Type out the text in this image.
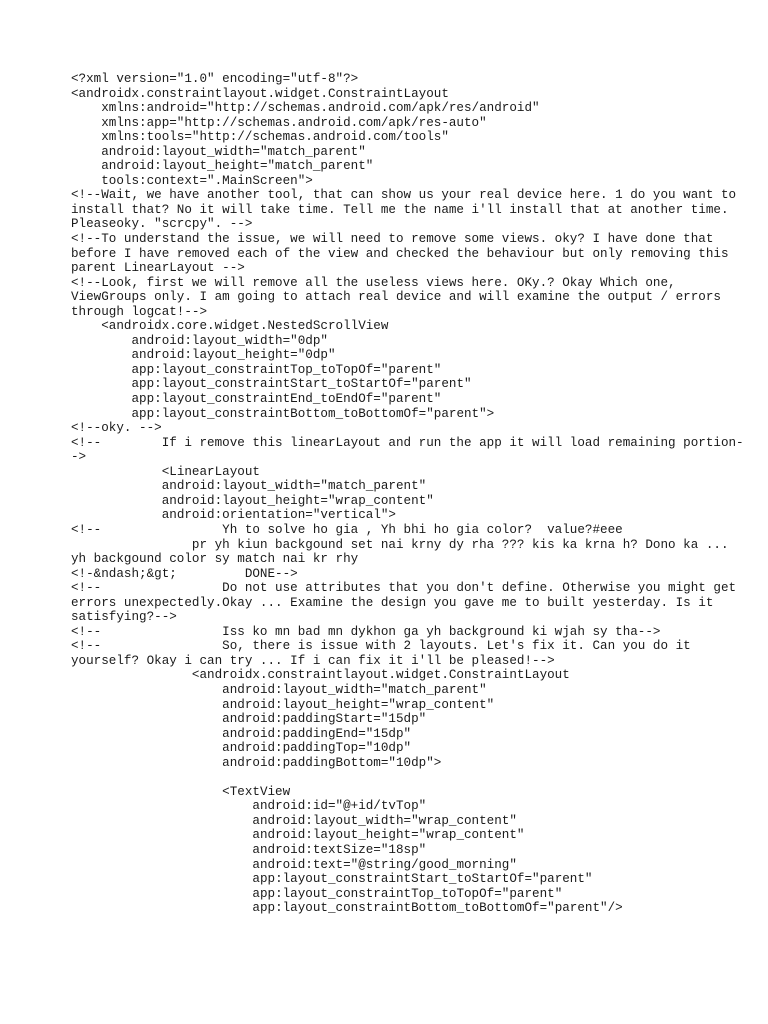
<?xml version="1.0" encoding="utf-8"?>
<androidx.constraintlayout.widget.ConstraintLayout
xmlns:android="http://schemas.android.com/apk/res/android"
xmlns:app="http://schemas.android.com/apk/res-auto"
xmlns:tools="http://schemas.android.com/tools"
android:layout_width="match_parent"
android:layout_height="match_parent"
tools:context=".MainScreen">
<!--Wait, we have another tool, that can show us your real device here. 1 do you want to install that? No it will take time. Tell me the name i'll install that at another time. Pleaseoky. "scrcpy". -->
<!--To understand the issue, we will need to remove some views. oky? I have done that before I have removed each of the view and checked the behaviour but only removing this parent LinearLayout -->
<!--Look, first we will remove all the useless views here. OKy.? Okay Which one, ViewGroups only. I am going to attach real device and will examine the output / errors through logcat!-->
<androidx.core.widget.NestedScrollView
android:layout_width="0dp"
android:layout_height="0dp"
app:layout_constraintTop_toTopOf="parent"
app:layout_constraintStart_toStartOf="parent"
app:layout_constraintEnd_toEndOf="parent"
app:layout_constraintBottom_toBottomOf="parent">
<!--oky. -->
<!--        If i remove this linearLayout and run the app it will load remaining portion-->
<LinearLayout
android:layout_width="match_parent"
android:layout_height="wrap_content"
android:orientation="vertical">
<!--                Yh to solve ho gia , Yh bhi ho gia color?  value?#eee
pr yh kiun backgound set nai krny dy rha ??? kis ka krna h? Dono ka ... yh backgound color sy match nai kr rhy
<!-&ndash;&gt;         DONE-->
<!--                Do not use attributes that you don't define. Otherwise you might get errors unexpectedly.Okay ... Examine the design you gave me to built yesterday. Is it satisfying?-->
<!--                Iss ko mn bad mn dykhon ga yh background ki wjah sy tha-->
<!--                So, there is issue with 2 layouts. Let's fix it. Can you do it yourself? Okay i can try ... If i can fix it i'll be pleased!-->
<androidx.constraintlayout.widget.ConstraintLayout
android:layout_width="match_parent"
android:layout_height="wrap_content"
android:paddingStart="15dp"
android:paddingEnd="15dp"
android:paddingTop="10dp"
android:paddingBottom="10dp">
<TextView
android:id="@+id/tvTop"
android:layout_width="wrap_content"
android:layout_height="wrap_content"
android:textSize="18sp"
android:text="@string/good_morning"
app:layout_constraintStart_toStartOf="parent"
app:layout_constraintTop_toTopOf="parent"
app:layout_constraintBottom_toBottomOf="parent"/>
